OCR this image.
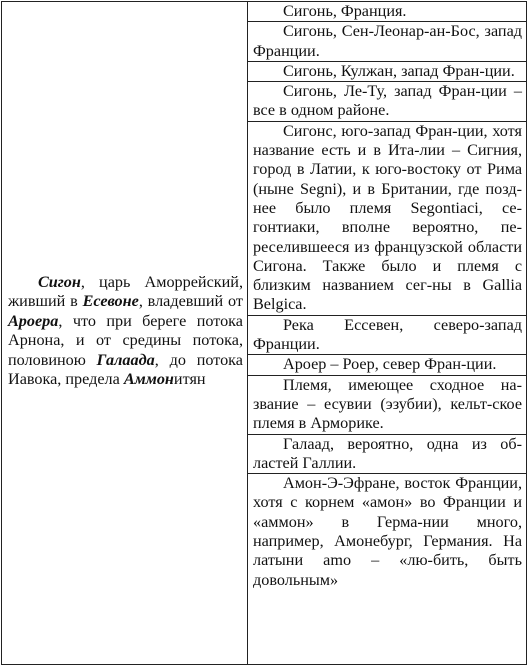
Сигон, царь Аморрейский, живший в Есевоне, владевший от Ароера, что при береге потока Арнона, и от средины потока, половиною Галаада, до потока Иавока, предела Аммонитян

Сигонь, Франция.

Сигонь, Сен-Леонар-ан-Бос, запад Франции.

Сигонь, Кулжан, запад Фран-ции.

Сигонь, Ле-Ту, запад Фран-ции – все в одном районе.

Сигонс, юго-запад Фран-ции, хотя название есть и в Ита-лии – Сигния, город в Латии, к юго-востоку от Рима (ныне Segni), и в Британии, где позд-нее было племя Segontiaci, се-гонтиаки, вполне вероятно, пе-реселившееся из французской области Сигона. Также было и племя с близким названием сег-ны в Gallia Belgica.

Река Ессевен, северо-запад Франции.

Ароер – Роер, север Фран-ции.

Племя, имеющее сходное на-звание – есувии (эзубии), кельт-ское племя в Арморике.

Галаад, вероятно, одна из об-ластей Галлии.

Амон-Э-Эфране, восток Франции, хотя с корнем «амон» во Франции и «аммон» в Герма-нии много, например, Амонебург, Германия. На латыни amo – «лю-бить, быть довольным»
